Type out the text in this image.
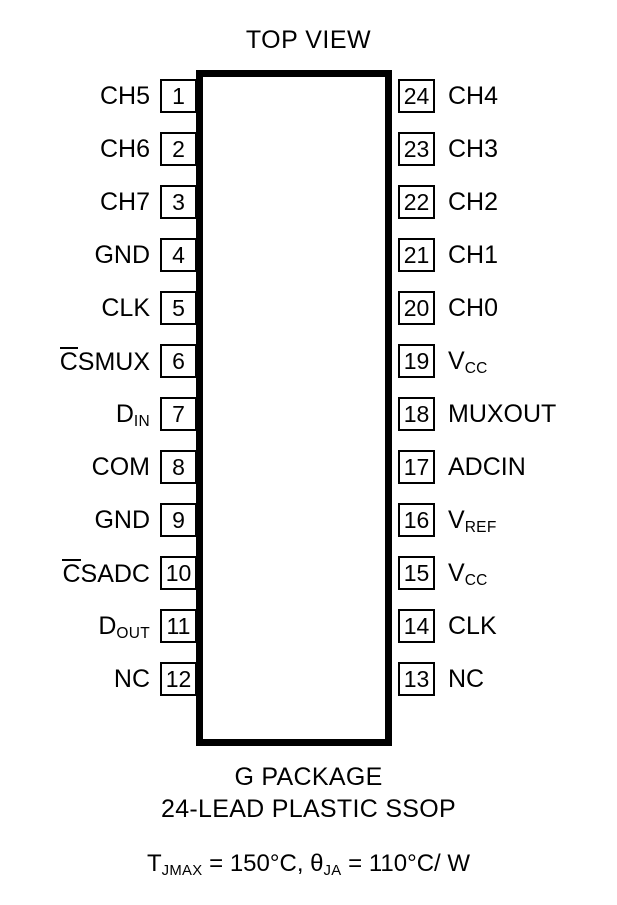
TOP VIEW
CH5 1
CH6 2
CH7 3
GND 4
CLK 5
C SMUX 6
$D_{IN}$ 7
COM 8
GND 9
C SADC 10
$D_{OUT}$ 11
NC 12
24 CH4
23 CH3
22 CH2
21 CH1
20 CH0
19 $V_{CC}$
18 MUXOUT
17 ADCIN
16 $V_{REF}$
15 $V_{CC}$
14 CLK
13 NC
G PACKAGE
24-LEAD PLASTIC SSOP
$T_{JMAX} = 150^\circ C$, $\theta_{JA} = 110^\circ C/$ W
